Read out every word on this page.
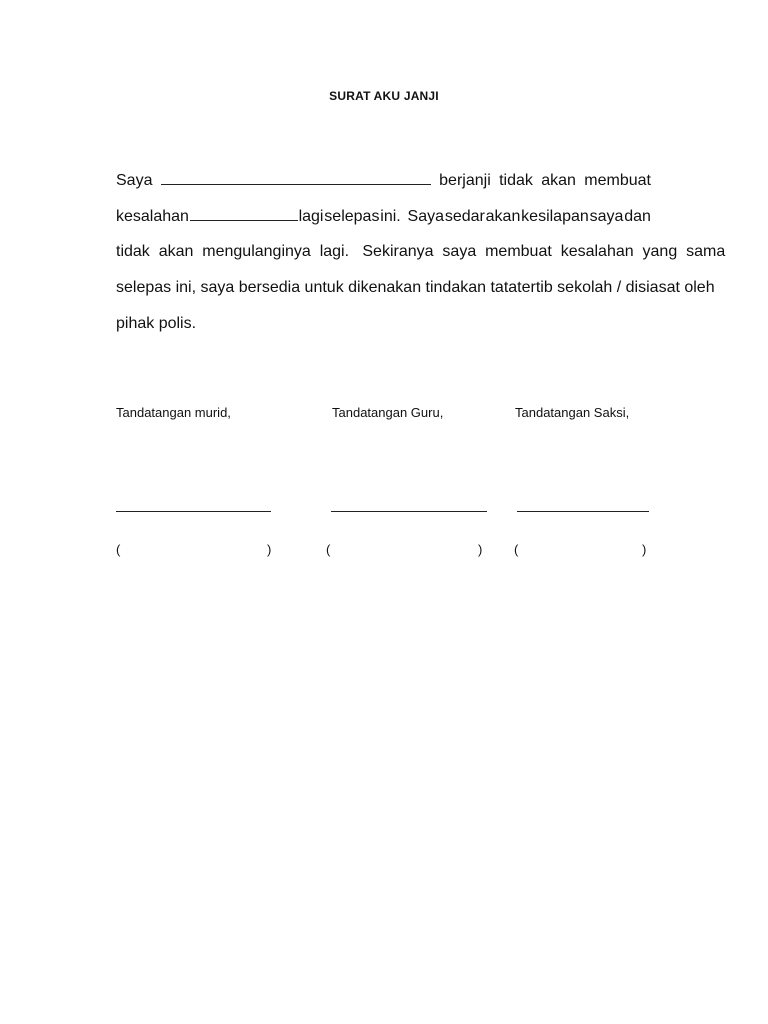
SURAT AKU JANJI
Saya	berjanji tidak akan membuat
kesalahan	lagi selepas ini. Saya sedar akan kesilapan saya dan
tidak  akan  mengulanginya  lagi.   Sekiranya  saya  membuat  kesalahan  yang  sama
selepas ini, saya bersedia untuk dikenakan tindakan tatatertib sekolah / disiasat oleh
pihak polis.
Tandatangan murid,	Tandatangan Guru,	Tandatangan Saksi,
(	)	(	) (	)
